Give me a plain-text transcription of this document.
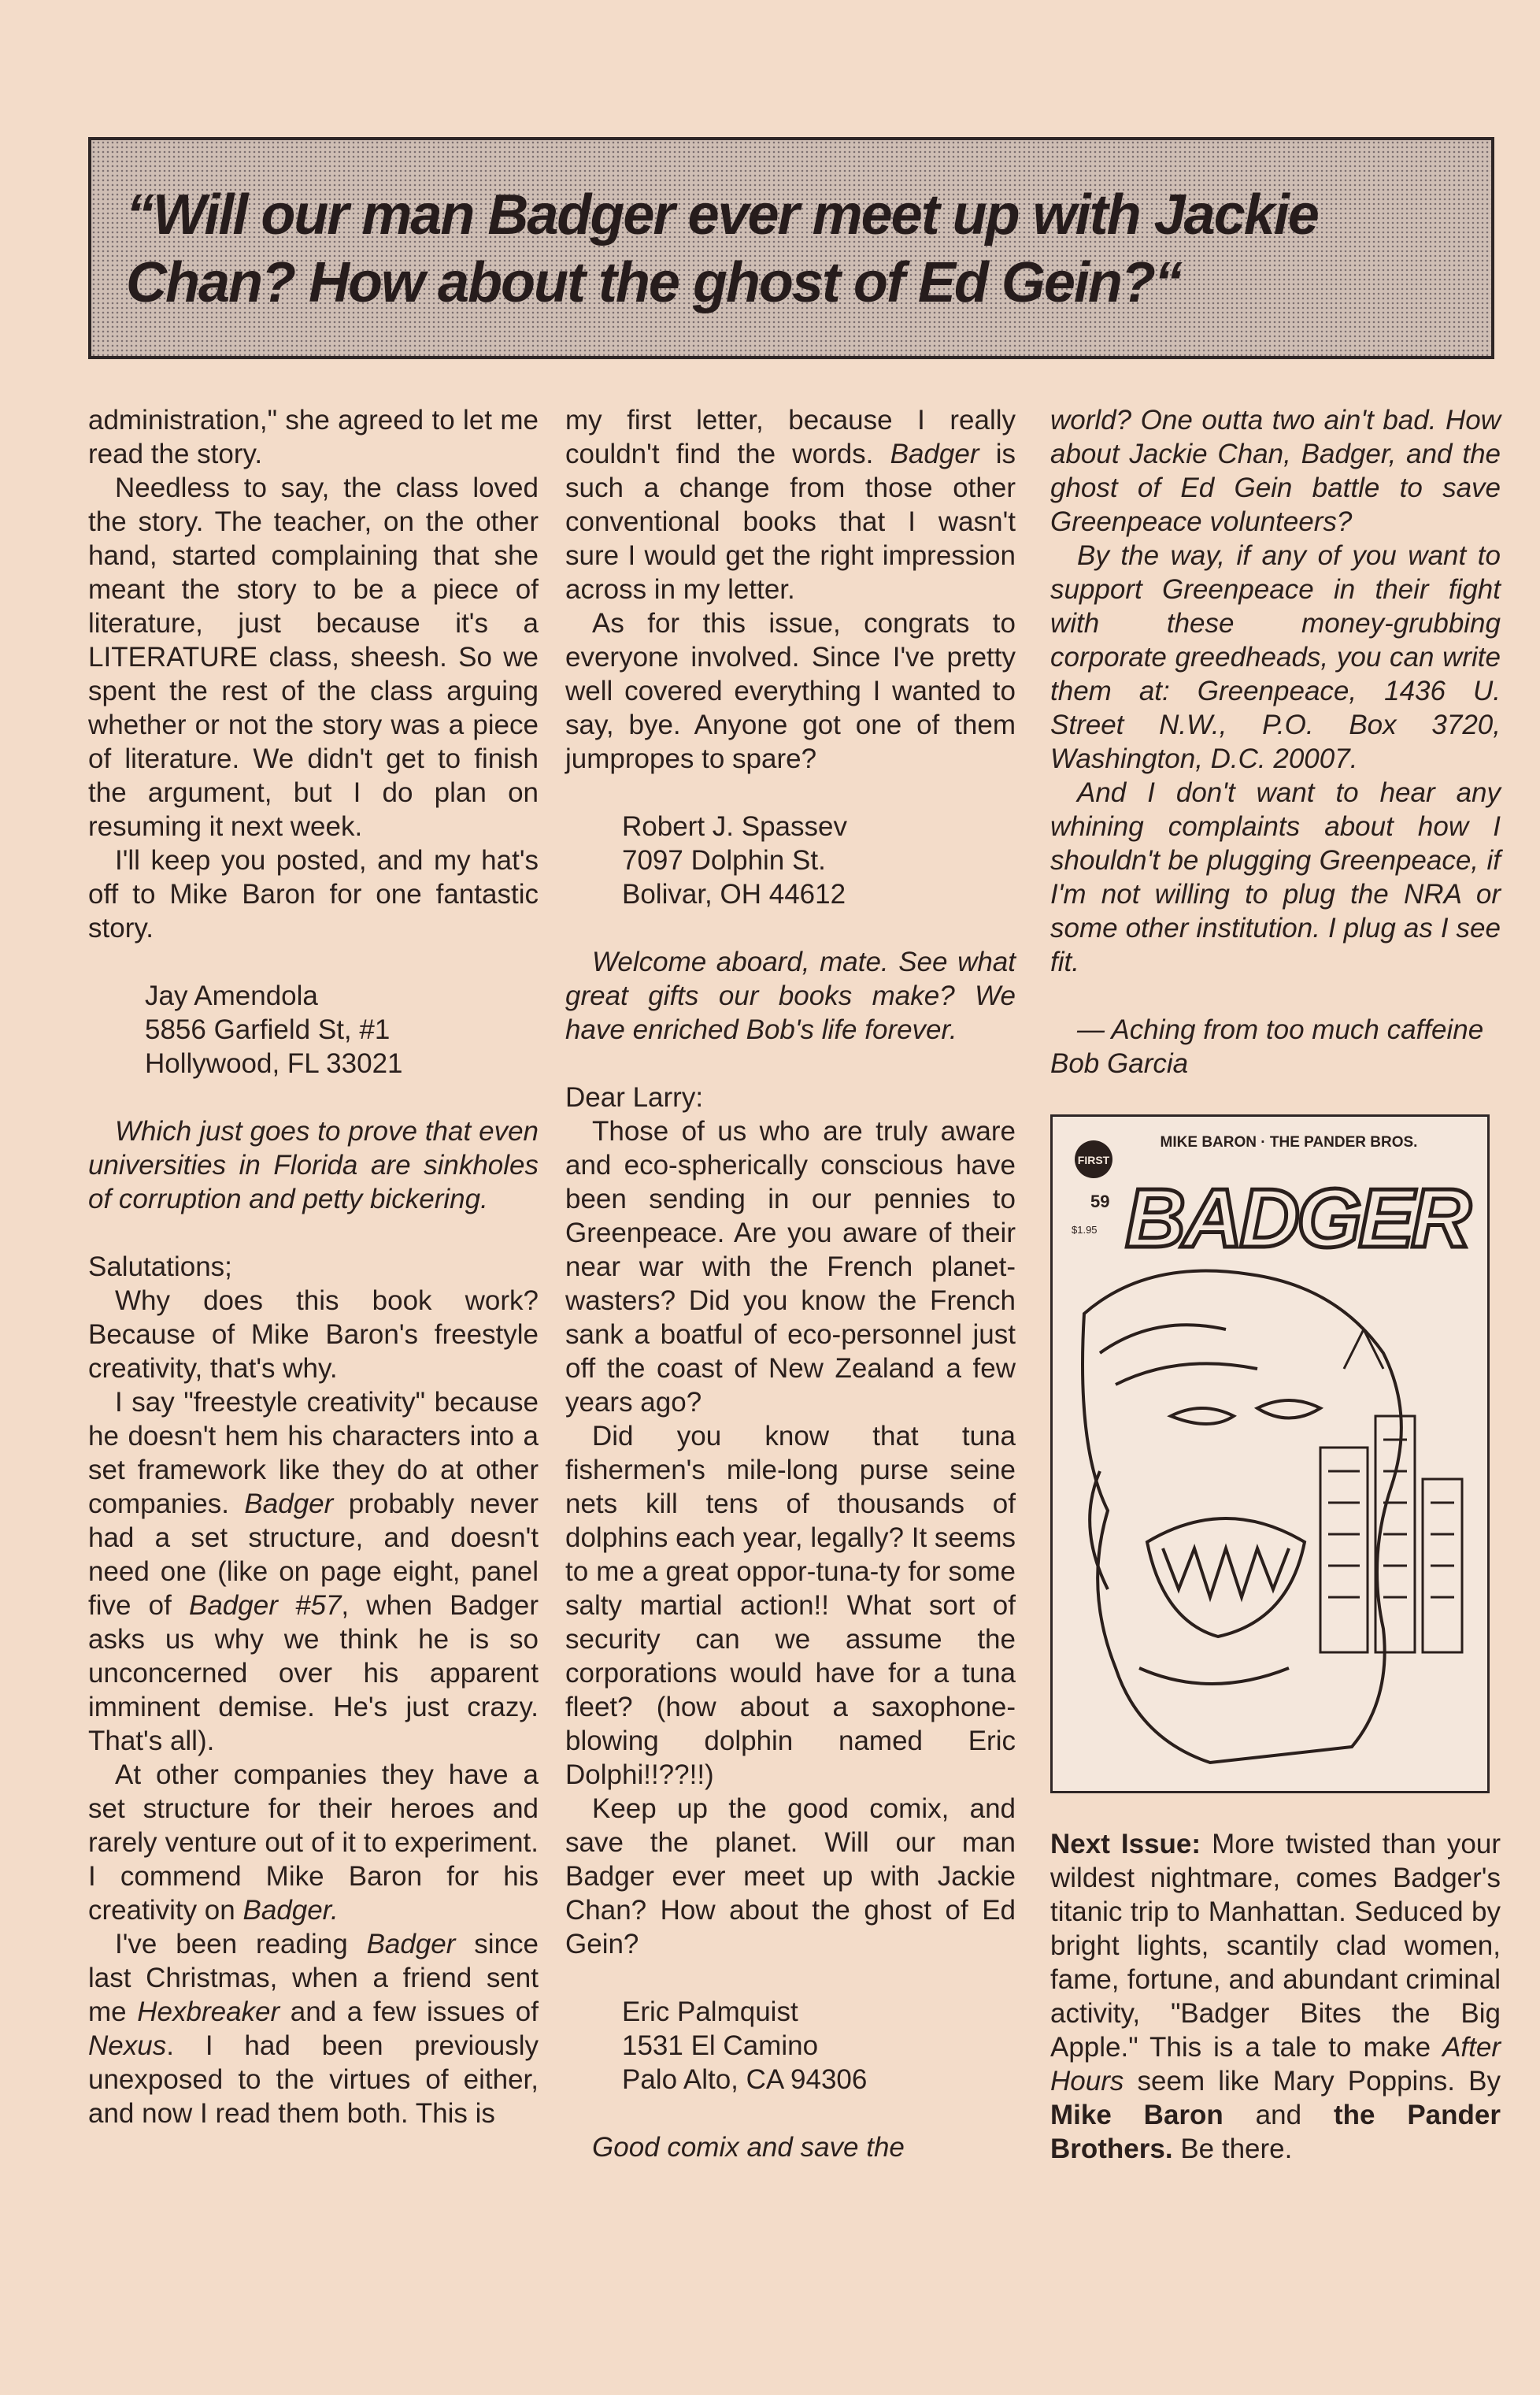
“Will our man Badger ever meet up with Jackie Chan? How about the ghost of Ed Gein?“

administration," she agreed to let me read the story.

Needless to say, the class loved the story. The teacher, on the other hand, started complaining that she meant the story to be a piece of literature, just because it's a LITERATURE class, sheesh. So we spent the rest of the class arguing whether or not the story was a piece of literature. We didn't get to finish the argument, but I do plan on resuming it next week.

I'll keep you posted, and my hat's off to Mike Baron for one fantastic story.

Jay Amendola
5856 Garfield St, #1
Hollywood, FL 33021

Which just goes to prove that even universities in Florida are sinkholes of corruption and petty bickering.

Salutations;

Why does this book work? Because of Mike Baron's freestyle creativity, that's why.

I say "freestyle creativity" because he doesn't hem his characters into a set framework like they do at other companies. Badger probably never had a set structure, and doesn't need one (like on page eight, panel five of Badger #57, when Badger asks us why we think he is so unconcerned over his apparent imminent demise. He's just crazy. That's all).

At other companies they have a set structure for their heroes and rarely venture out of it to experiment. I commend Mike Baron for his creativity on Badger.

I've been reading Badger since last Christmas, when a friend sent me Hexbreaker and a few issues of Nexus. I had been previously unexposed to the virtues of either, and now I read them both. This is

my first letter, because I really couldn't find the words. Badger is such a change from those other conventional books that I wasn't sure I would get the right impression across in my letter.

As for this issue, congrats to everyone involved. Since I've pretty well covered everything I wanted to say, bye. Anyone got one of them jumpropes to spare?

Robert J. Spassev
7097 Dolphin St.
Bolivar, OH 44612

Welcome aboard, mate. See what great gifts our books make? We have enriched Bob's life forever.

Dear Larry:

Those of us who are truly aware and eco-spherically conscious have been sending in our pennies to Greenpeace. Are you aware of their near war with the French planet-wasters? Did you know the French sank a boatful of eco-personnel just off the coast of New Zealand a few years ago?

Did you know that tuna fishermen's mile-long purse seine nets kill tens of thousands of dolphins each year, legally? It seems to me a great oppor-tuna-ty for some salty martial action!! What sort of security can we assume the corporations would have for a tuna fleet? (how about a saxophone-blowing dolphin named Eric Dolphi!!??!!)

Keep up the good comix, and save the planet. Will our man Badger ever meet up with Jackie Chan? How about the ghost of Ed Gein?

Eric Palmquist
1531 El Camino
Palo Alto, CA 94306

Good comix and save the

world? One outta two ain't bad. How about Jackie Chan, Badger, and the ghost of Ed Gein battle to save Greenpeace volunteers?

By the way, if any of you want to support Greenpeace in their fight with these money-grubbing corporate greedheads, you can write them at: Greenpeace, 1436 U. Street N.W., P.O. Box 3720, Washington, D.C. 20007.

And I don't want to hear any whining complaints about how I shouldn't be plugging Greenpeace, if I'm not willing to plug the NRA or some other institution. I plug as I see fit.

— Aching from too much caffeine

Bob Garcia

MIKE BARON · THE PANDER BROS.
FIRST
59
$1.95 BADGER

Next Issue: More twisted than your wildest nightmare, comes Badger's titanic trip to Manhattan. Seduced by bright lights, scantily clad women, fame, fortune, and abundant criminal activity, "Badger Bites the Big Apple." This is a tale to make After Hours seem like Mary Poppins. By Mike Baron and the Pander Brothers. Be there.
